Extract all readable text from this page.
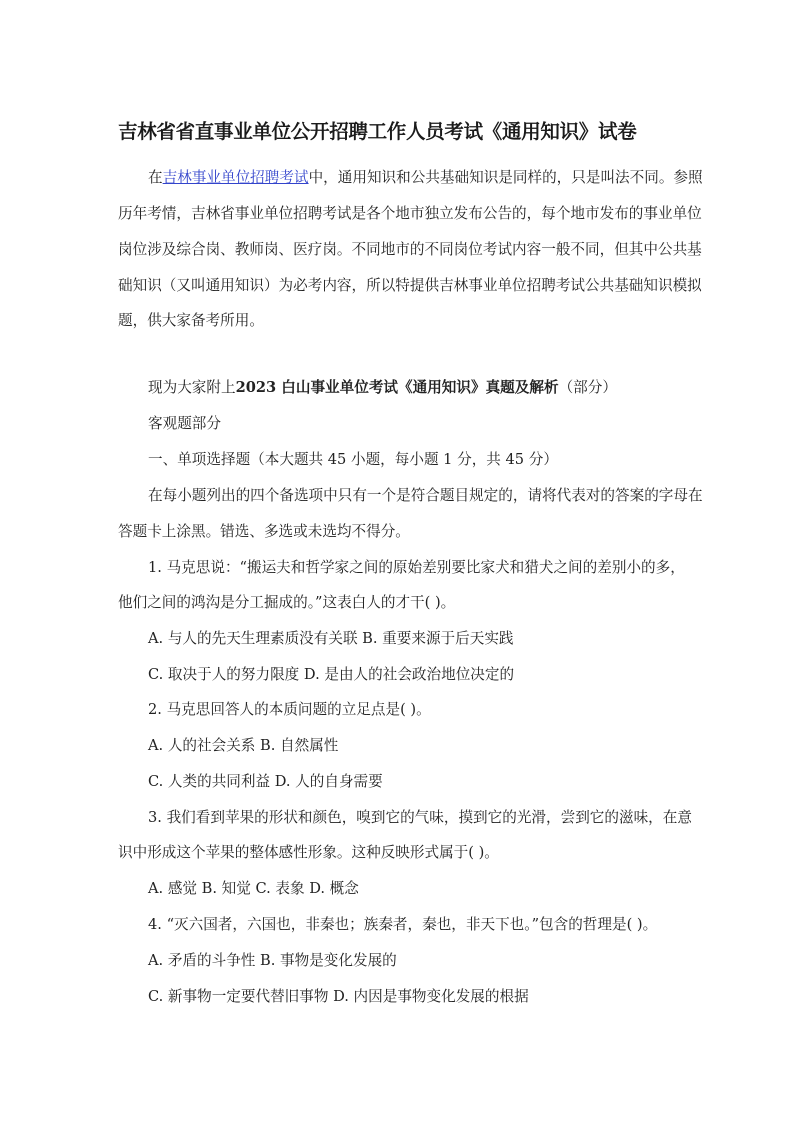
吉林省省直事业单位公开招聘工作人员考试《通用知识》试卷
在吉林事业单位招聘考试中，通用知识和公共基础知识是同样的，只是叫法不同。参照
历年考情，吉林省事业单位招聘考试是各个地市独立发布公告的，每个地市发布的事业单位
岗位涉及综合岗、教师岗、医疗岗。不同地市的不同岗位考试内容一般不同，但其中公共基
础知识（又叫通用知识）为必考内容，所以特提供吉林事业单位招聘考试公共基础知识模拟
题，供大家备考所用。
现为大家附上2023 白山事业单位考试《通用知识》真题及解析（部分）
客观题部分
一、单项选择题（本大题共 45 小题，每小题 1 分，共 45 分）
在每小题列出的四个备选项中只有一个是符合题目规定的，请将代表对的答案的字母在
答题卡上涂黑。错选、多选或未选均不得分。
1. 马克思说：“搬运夫和哲学家之间的原始差别要比家犬和猎犬之间的差别小的多，
他们之间的鸿沟是分工掘成的。”这表白人的才干( )。
A. 与人的先天生理素质没有关联 B. 重要来源于后天实践
C. 取决于人的努力限度 D. 是由人的社会政治地位决定的
2. 马克思回答人的本质问题的立足点是( )。
A. 人的社会关系 B. 自然属性
C. 人类的共同利益 D. 人的自身需要
3. 我们看到苹果的形状和颜色，嗅到它的气味，摸到它的光滑，尝到它的滋味，在意
识中形成这个苹果的整体感性形象。这种反映形式属于( )。
A. 感觉 B. 知觉 C. 表象 D. 概念
4. “灭六国者，六国也，非秦也；族秦者，秦也，非天下也。”包含的哲理是( )。
A. 矛盾的斗争性 B. 事物是变化发展的
C. 新事物一定要代替旧事物 D. 内因是事物变化发展的根据
